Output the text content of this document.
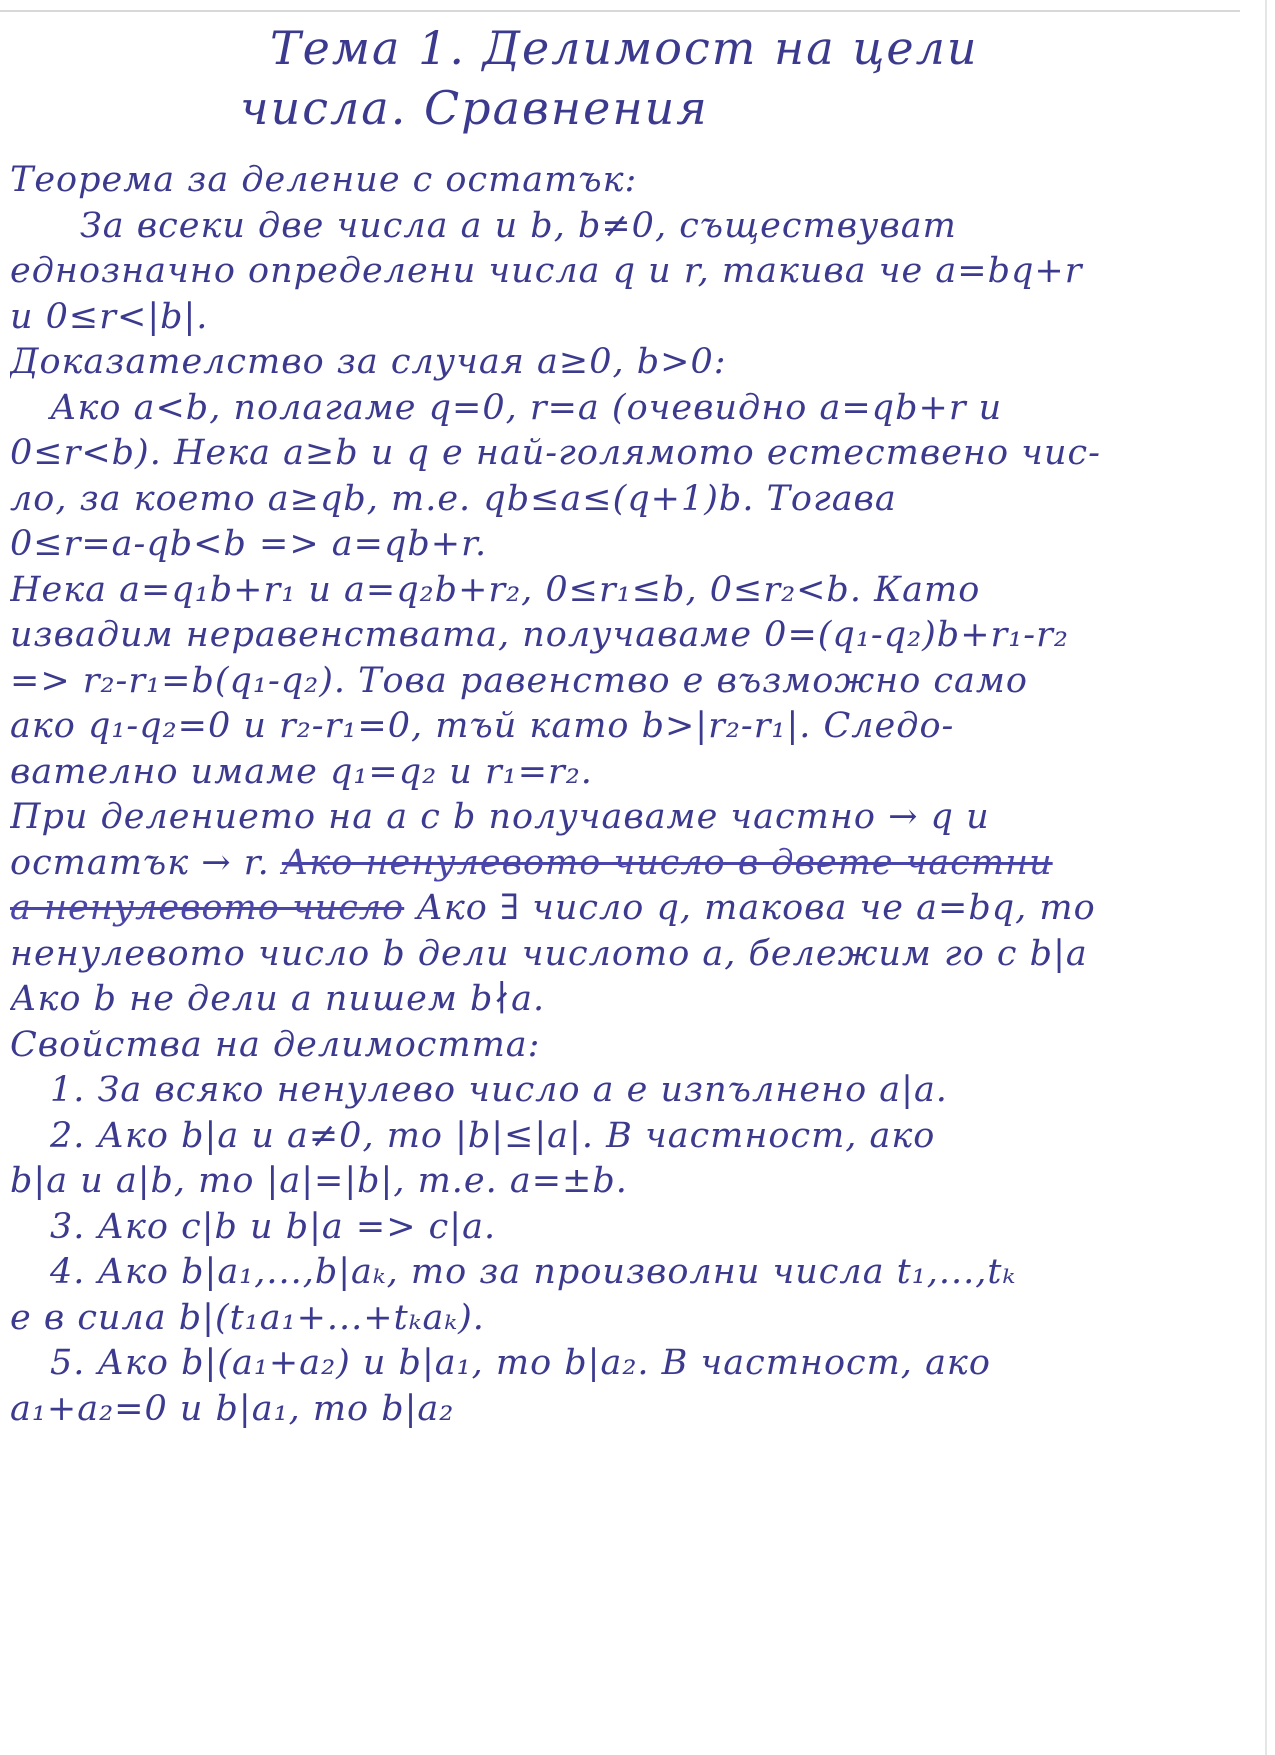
Тема 1. Делимост на цели
числа. Сравнения
Теорема за деление с остатък:
За всеки две числа a и b, b≠0, съществуват
еднозначно определени числа q и r, такива че a=bq+r
и 0≤r<|b|.
Доказателство за случая a≥0, b>0:
Ако a<b, полагаме q=0, r=a (очевидно a=qb+r и
0≤r<b). Нека a≥b и q е най-голямото естествено чис-
ло, за което a≥qb, т.е. qb≤a≤(q+1)b. Тогава
0≤r=a-qb<b => a=qb+r.
Нека a=q₁b+r₁ и a=q₂b+r₂, 0≤r₁≤b, 0≤r₂<b. Като
извадим неравенствата, получаваме 0=(q₁-q₂)b+r₁-r₂
=> r₂-r₁=b(q₁-q₂). Това равенство е възможно само
ако q₁-q₂=0 и r₂-r₁=0, тъй като b>|r₂-r₁|. Следо-
вателно имаме q₁=q₂ и r₁=r₂.
При делението на a с b получаваме частно → q и
остатък → r. Ако ненулевото число в двете частни
а ненулевото число Ако ∃ число q, такова че a=bq, то
ненулевото число b дели числото a, бележим го с b|a
Ако b не дели a пишем b∤a.
Свойства на делимостта:
1. За всяко ненулево число a е изпълнено a|a.
2. Ако b|a и a≠0, то |b|≤|a|. В частност, ако
b|a и a|b, то |a|=|b|, т.е. a=±b.
3. Ако c|b и b|a => c|a.
4. Ако b|a₁,...,b|aₖ, то за произволни числа t₁,...,tₖ
е в сила b|(t₁a₁+...+tₖaₖ).
5. Ако b|(a₁+a₂) и b|a₁, то b|a₂. В частност, ако
a₁+a₂=0 и b|a₁, то b|a₂
